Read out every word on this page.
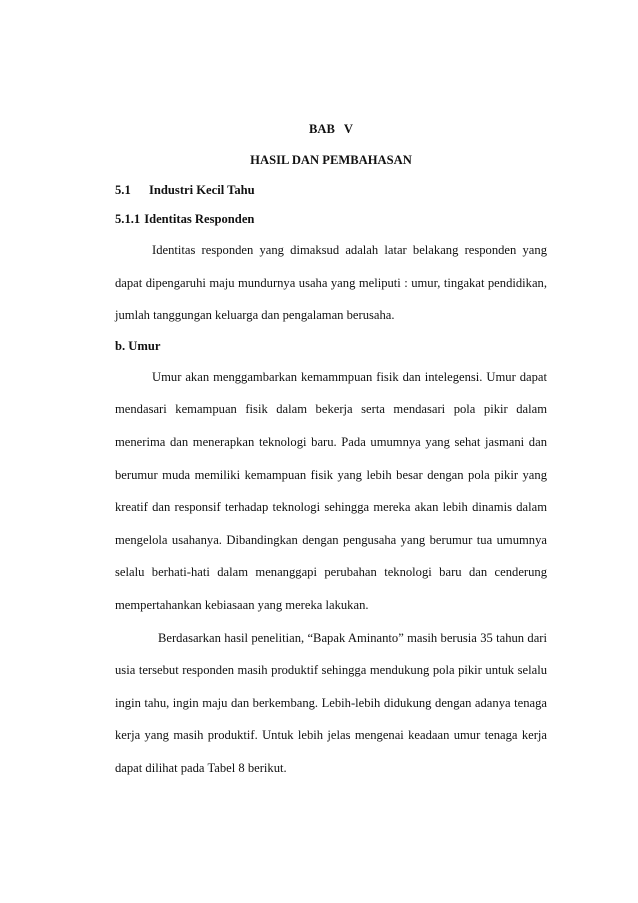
BAB V

HASIL DAN PEMBAHASAN

5.1 Industri Kecil Tahu

5.1.1 Identitas Responden

Identitas responden yang dimaksud adalah latar belakang responden yang dapat dipengaruhi maju mundurnya usaha yang meliputi : umur, tingakat pendidikan, jumlah tanggungan keluarga dan pengalaman berusaha.

b. Umur

Umur akan menggambarkan kemammpuan fisik dan intelegensi. Umur dapat mendasari kemampuan fisik dalam bekerja serta mendasari pola pikir dalam menerima dan menerapkan teknologi baru. Pada umumnya yang sehat jasmani dan berumur muda memiliki kemampuan fisik yang lebih besar dengan pola pikir yang kreatif dan responsif terhadap teknologi sehingga mereka akan lebih dinamis dalam mengelola usahanya. Dibandingkan dengan pengusaha yang berumur tua umumnya selalu berhati-hati dalam menanggapi perubahan teknologi baru dan cenderung mempertahankan kebiasaan yang mereka lakukan.

Berdasarkan hasil penelitian, “Bapak Aminanto” masih berusia 35 tahun dari usia tersebut responden masih produktif sehingga mendukung pola pikir untuk selalu ingin tahu, ingin maju dan berkembang. Lebih-lebih didukung dengan adanya tenaga kerja yang masih produktif. Untuk lebih jelas mengenai keadaan umur tenaga kerja dapat dilihat pada Tabel 8 berikut.
